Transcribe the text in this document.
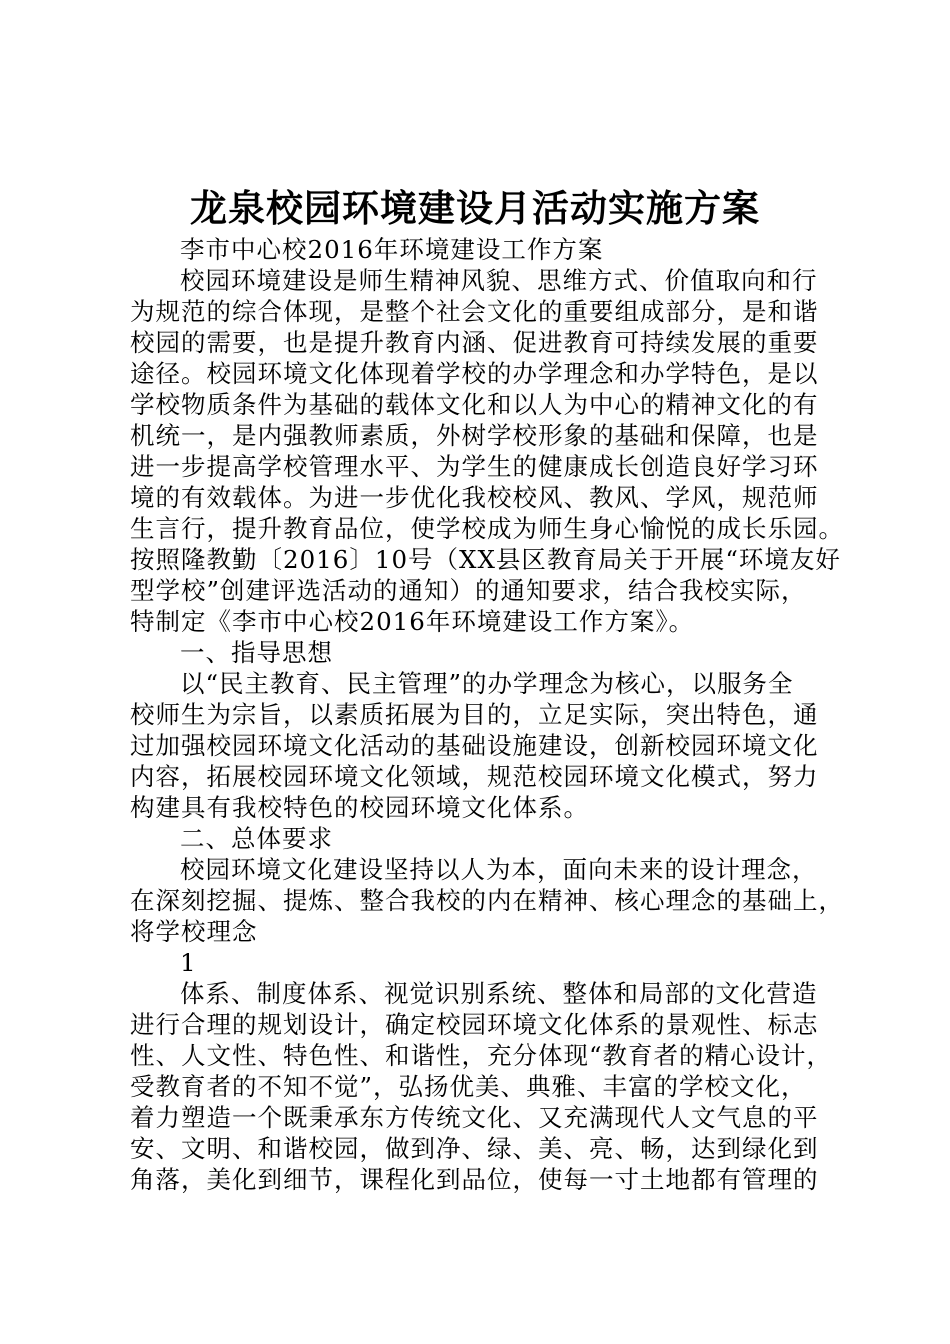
龙泉校园环境建设月活动实施方案
李市中心校2016年环境建设工作方案
校园环境建设是师生精神风貌、思维方式、价值取向和行
为规范的综合体现，是整个社会文化的重要组成部分，是和谐
校园的需要，也是提升教育内涵、促进教育可持续发展的重要
途径。校园环境文化体现着学校的办学理念和办学特色，是以
学校物质条件为基础的载体文化和以人为中心的精神文化的有
机统一，是内强教师素质，外树学校形象的基础和保障，也是
进一步提高学校管理水平、为学生的健康成长创造良好学习环
境的有效载体。为进一步优化我校校风、教风、学风，规范师
生言行，提升教育品位，使学校成为师生身心愉悦的成长乐园。
按照隆教勤〔2016〕10号（XX县区教育局关于开展“环境友好
型学校”创建评选活动的通知）的通知要求，结合我校实际，
特制定《李市中心校2016年环境建设工作方案》。
一、指导思想
以“民主教育、民主管理”的办学理念为核心，以服务全
校师生为宗旨，以素质拓展为目的，立足实际，突出特色，通
过加强校园环境文化活动的基础设施建设，创新校园环境文化
内容，拓展校园环境文化领域，规范校园环境文化模式，努力
构建具有我校特色的校园环境文化体系。
二、总体要求
校园环境文化建设坚持以人为本，面向未来的设计理念，
在深刻挖掘、提炼、整合我校的内在精神、核心理念的基础上，
将学校理念
1
体系、制度体系、视觉识别系统、整体和局部的文化营造
进行合理的规划设计，确定校园环境文化体系的景观性、标志
性、人文性、特色性、和谐性，充分体现“教育者的精心设计，
受教育者的不知不觉”，弘扬优美、典雅、丰富的学校文化，
着力塑造一个既秉承东方传统文化、又充满现代人文气息的平
安、文明、和谐校园，做到净、绿、美、亮、畅，达到绿化到
角落，美化到细节，课程化到品位，使每一寸土地都有管理的
